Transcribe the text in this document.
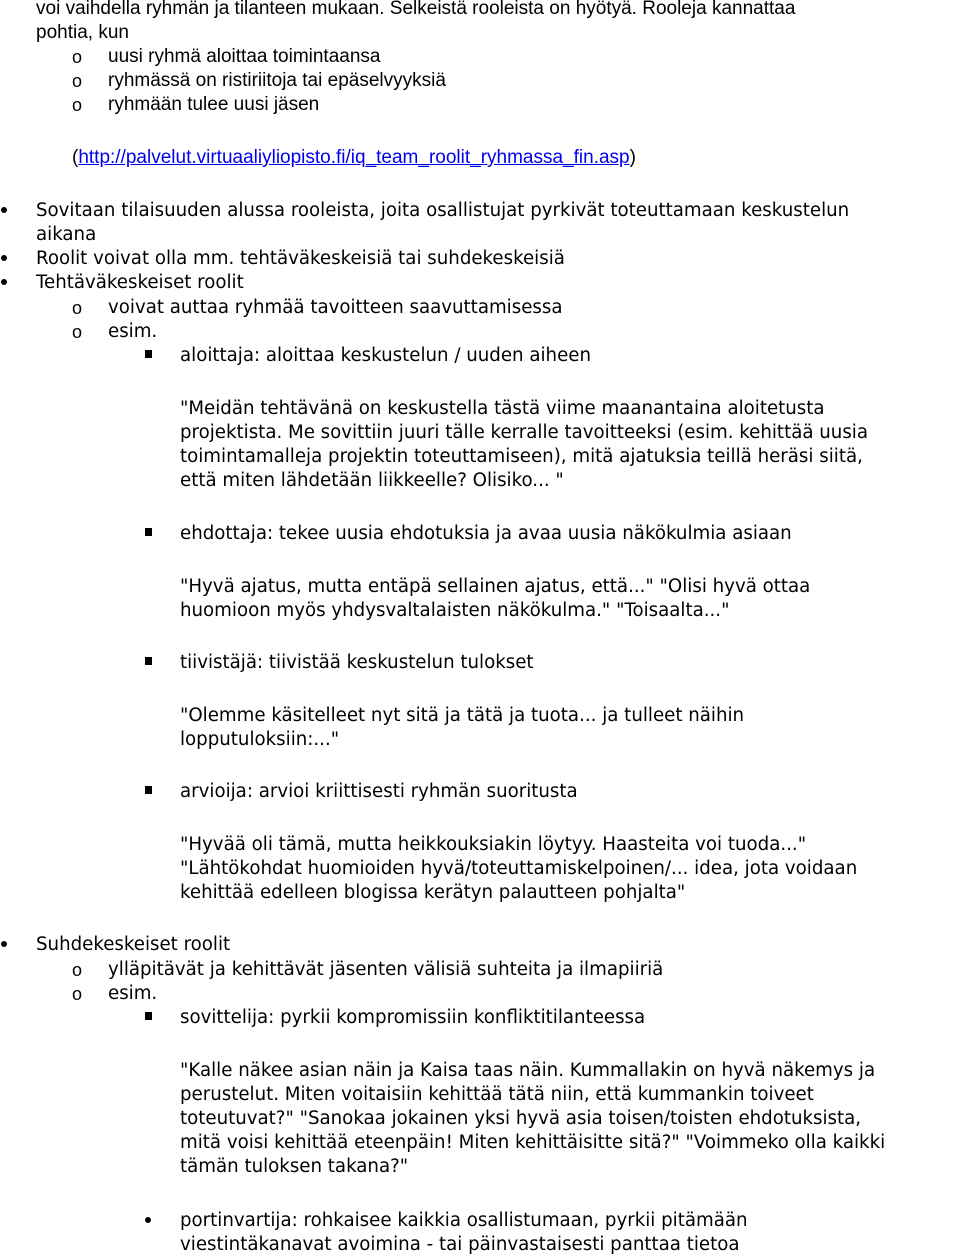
voi vaihdella ryhmän ja tilanteen mukaan. Selkeistä rooleista on hyötyä. Rooleja kannattaa

pohtia, kun

o uusi ryhmä aloittaa toimintaansa

o ryhmässä on ristiriitoja tai epäselvyyksiä

o ryhmään tulee uusi jäsen

(http://palvelut.virtuaaliyliopisto.fi/iq_team_roolit_ryhmassa_fin.asp)

Sovitaan tilaisuuden alussa rooleista, joita osallistujat pyrkivät toteuttamaan keskustelun

aikana

Roolit voivat olla mm. tehtäväkeskeisiä tai suhdekeskeisiä

Tehtäväkeskeiset roolit

o voivat auttaa ryhmää tavoitteen saavuttamisessa

o esim.

aloittaja: aloittaa keskustelun / uuden aiheen

"Meidän tehtävänä on keskustella tästä viime maanantaina aloitetusta

projektista. Me sovittiin juuri tälle kerralle tavoitteeksi (esim. kehittää uusia

toimintamalleja projektin toteuttamiseen), mitä ajatuksia teillä heräsi siitä,

että miten lähdetään liikkeelle? Olisiko... "

ehdottaja: tekee uusia ehdotuksia ja avaa uusia näkökulmia asiaan

"Hyvä ajatus, mutta entäpä sellainen ajatus, että..." "Olisi hyvä ottaa

huomioon myös yhdysvaltalaisten näkökulma." "Toisaalta..."

tiivistäjä: tiivistää keskustelun tulokset

"Olemme käsitelleet nyt sitä ja tätä ja tuota... ja tulleet näihin

lopputuloksiin:..."

arvioija: arvioi kriittisesti ryhmän suoritusta

"Hyvää oli tämä, mutta heikkouksiakin löytyy. Haasteita voi tuoda..."

"Lähtökohdat huomioiden hyvä/toteuttamiskelpoinen/... idea, jota voidaan

kehittää edelleen blogissa kerätyn palautteen pohjalta"

Suhdekeskeiset roolit

o ylläpitävät ja kehittävät jäsenten välisiä suhteita ja ilmapiiriä

o esim.

sovittelija: pyrkii kompromissiin konfliktitilanteessa

"Kalle näkee asian näin ja Kaisa taas näin. Kummallakin on hyvä näkemys ja

perustelut. Miten voitaisiin kehittää tätä niin, että kummankin toiveet

toteutuvat?" "Sanokaa jokainen yksi hyvä asia toisen/toisten ehdotuksista,

mitä voisi kehittää eteenpäin! Miten kehittäisitte sitä?" "Voimmeko olla kaikki

tämän tuloksen takana?"

portinvartija: rohkaisee kaikkia osallistumaan, pyrkii pitämään

viestintäkanavat avoimina - tai päinvastaisesti panttaa tietoa
